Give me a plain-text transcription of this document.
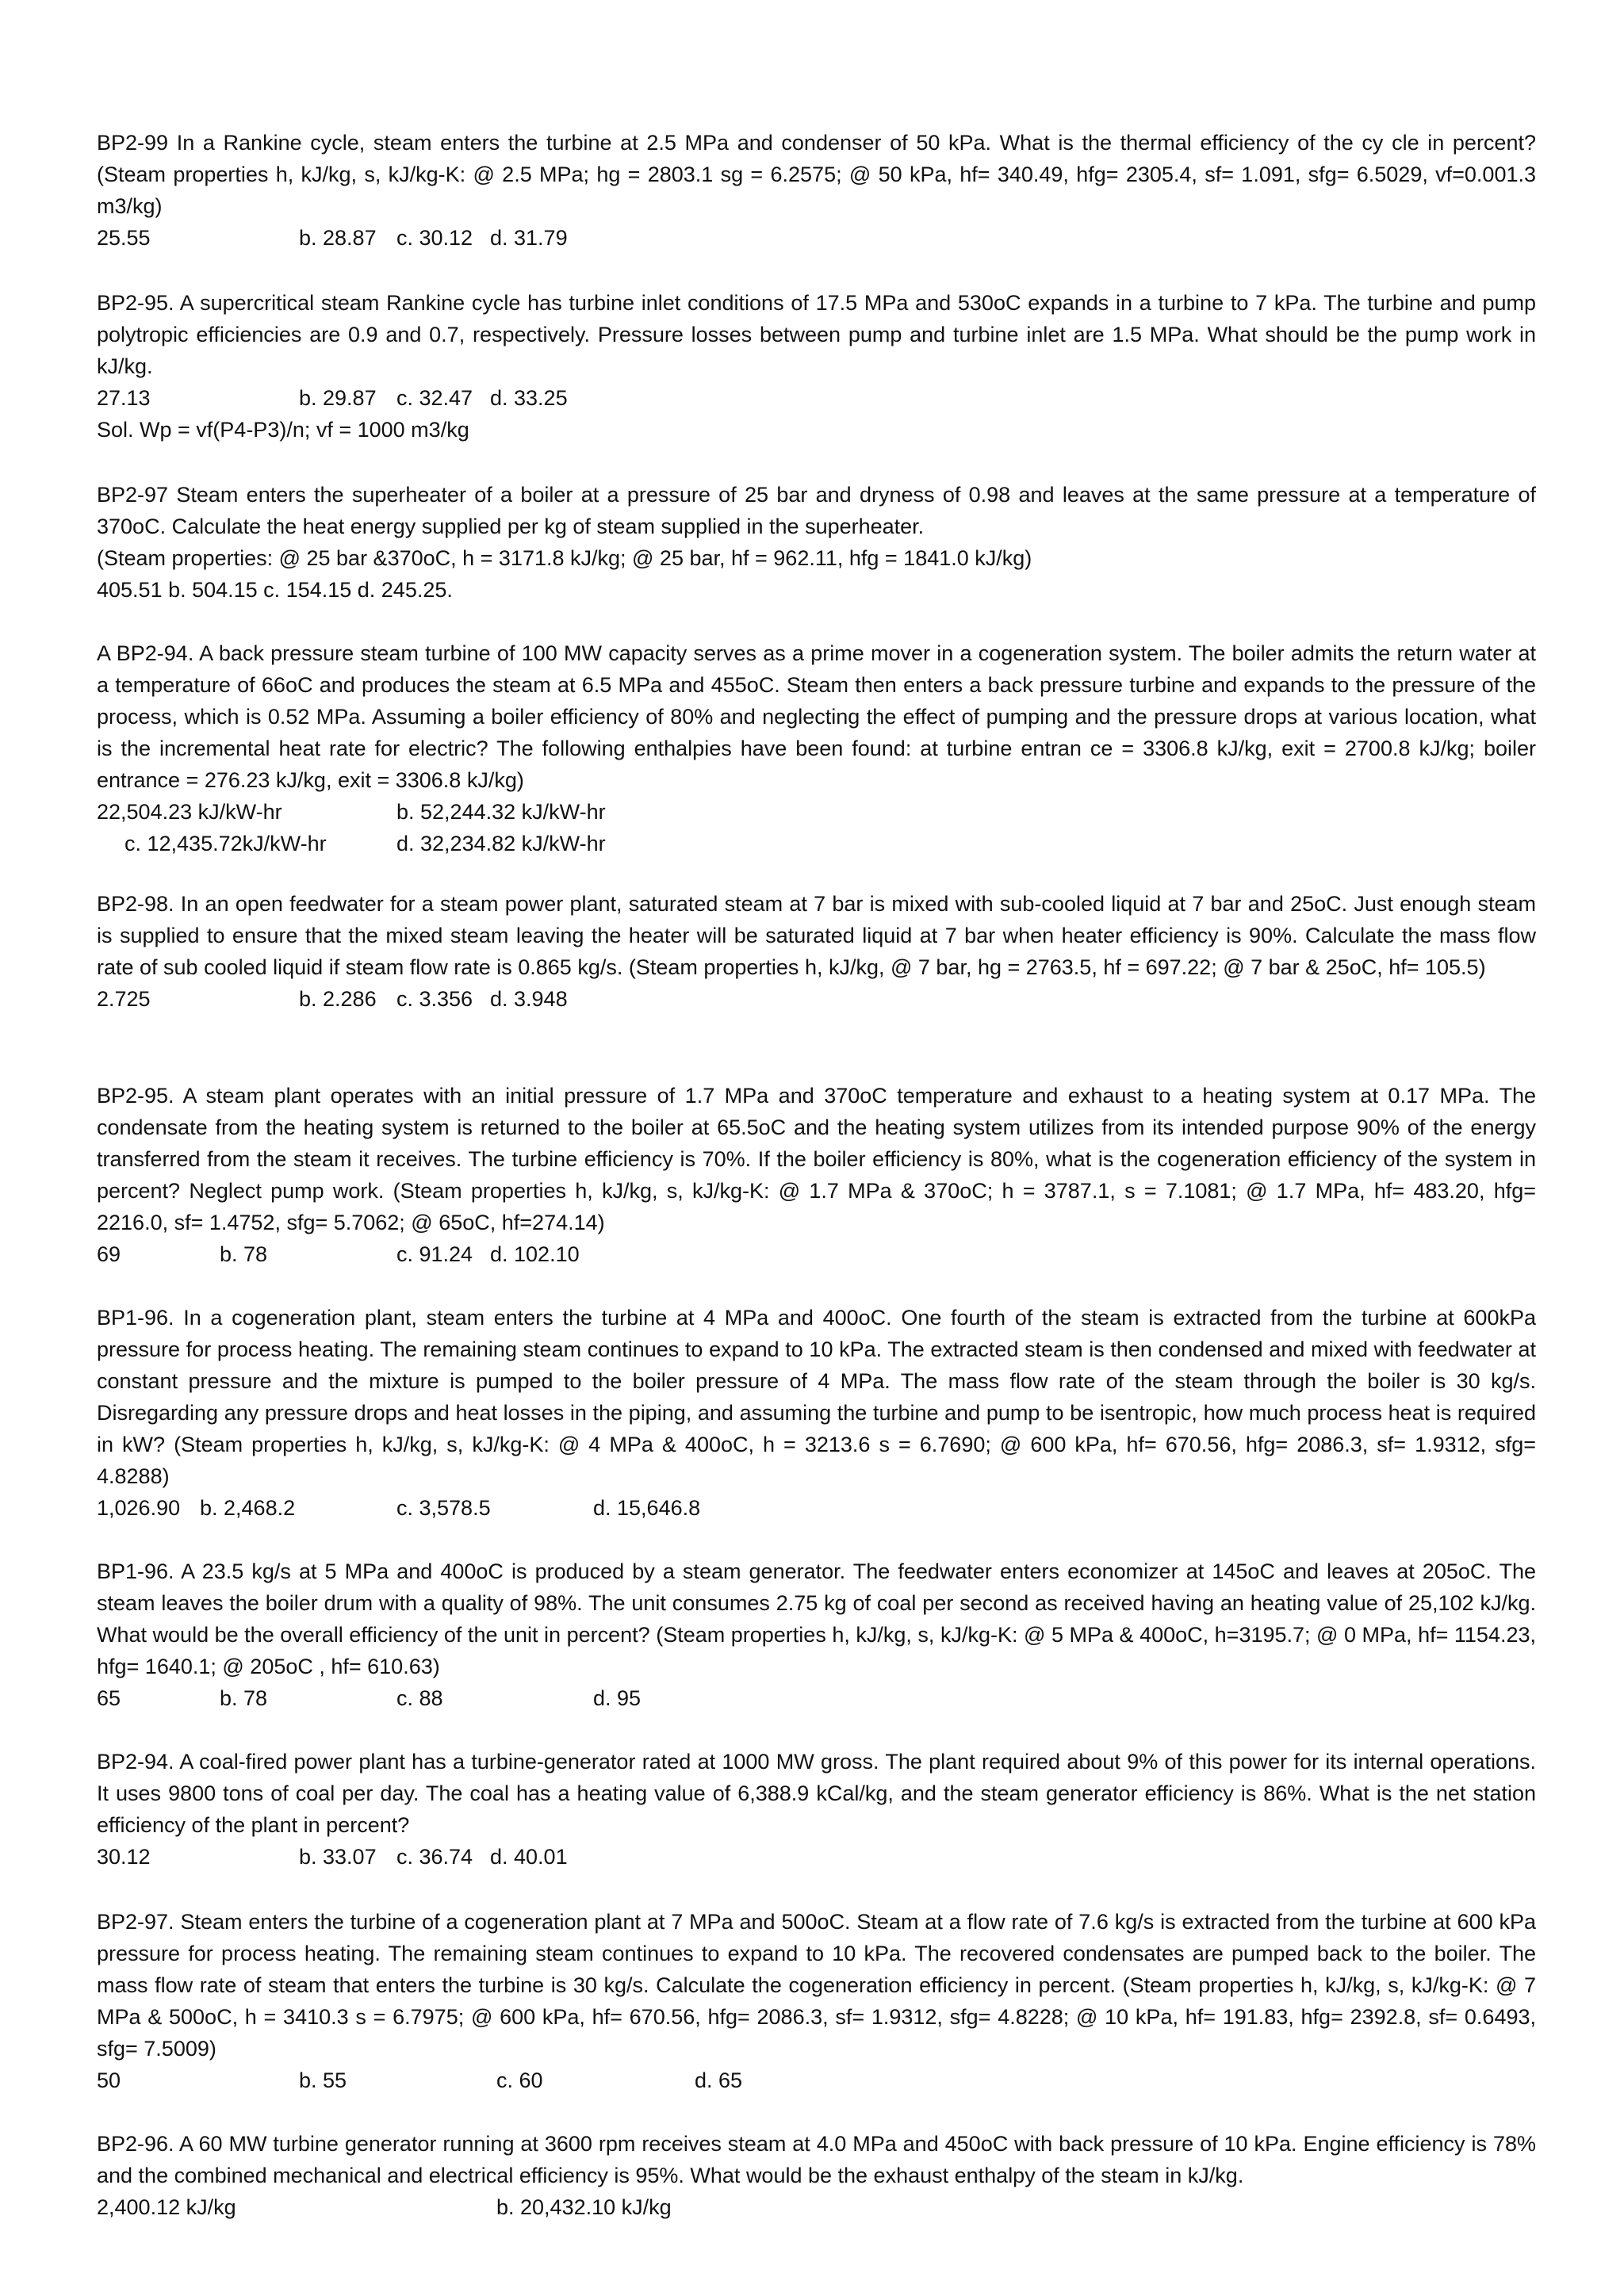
BP2-99 In a Rankine cycle, steam enters the turbine at 2.5 MPa and condenser of 50 kPa. What is the thermal efficiency of the cy cle in percent? (Steam properties h, kJ/kg, s, kJ/kg-K: @ 2.5 MPa; hg = 2803.1 sg = 6.2575; @ 50 kPa, hf= 340.49, hfg= 2305.4, sf= 1.091, sfg= 6.5029, vf=0.001.3 m3/kg)

25.55	b. 28.87 c. 30.12 d. 31.79

BP2-95. A supercritical steam Rankine cycle has turbine inlet conditions of 17.5 MPa and 530oC expands in a turbine to 7 kPa. The turbine and pump polytropic efficiencies are 0.9 and 0.7, respectively. Pressure losses between pump and turbine inlet are 1.5 MPa. What should be the pump work in kJ/kg.

27.13	b. 29.87 c. 32.47 d. 33.25

Sol. Wp = vf(P4-P3)/n; vf = 1000 m3/kg

BP2-97 Steam enters the superheater of a boiler at a pressure of 25 bar and dryness of 0.98 and leaves at the same pressure at a temperature of 370oC. Calculate the heat energy supplied per kg of steam supplied in the superheater.

(Steam properties: @ 25 bar &370oC, h = 3171.8 kJ/kg; @ 25 bar, hf = 962.11, hfg = 1841.0 kJ/kg)

405.51 b. 504.15 c. 154.15 d. 245.25.

A BP2-94. A back pressure steam turbine of 100 MW capacity serves as a prime mover in a cogeneration system. The boiler admits the return water at a temperature of 66oC and produces the steam at 6.5 MPa and 455oC. Steam then enters a back pressure turbine and expands to the pressure of the process, which is 0.52 MPa. Assuming a boiler efficiency of 80% and neglecting the effect of pumping and the pressure drops at various location, what is the incremental heat rate for electric? The following enthalpies have been found: at turbine entran ce = 3306.8 kJ/kg, exit = 2700.8 kJ/kg; boiler entrance = 276.23 kJ/kg, exit = 3306.8 kJ/kg)

22,504.23 kJ/kW-hr	b. 52,244.32 kJ/kW-hr
c. 12,435.72kJ/kW-hr	d. 32,234.82 kJ/kW-hr

BP2-98. In an open feedwater for a steam power plant, saturated steam at 7 bar is mixed with sub-cooled liquid at 7 bar and 25oC. Just enough steam is supplied to ensure that the mixed steam leaving the heater will be saturated liquid at 7 bar when heater efficiency is 90%. Calculate the mass flow rate of sub cooled liquid if steam flow rate is 0.865 kg/s. (Steam properties h, kJ/kg, @ 7 bar, hg = 2763.5, hf = 697.22; @ 7 bar & 25oC, hf= 105.5)

2.725	b. 2.286 c. 3.356 d. 3.948

BP2-95. A steam plant operates with an initial pressure of 1.7 MPa and 370oC temperature and exhaust to a heating system at 0.17 MPa. The condensate from the heating system is returned to the boiler at 65.5oC and the heating system utilizes from its intended purpose 90% of the energy transferred from the steam it receives. The turbine efficiency is 70%. If the boiler efficiency is 80%, what is the cogeneration efficiency of the system in percent? Neglect pump work. (Steam properties h, kJ/kg, s, kJ/kg-K: @ 1.7 MPa & 370oC; h = 3787.1, s = 7.1081; @ 1.7 MPa, hf= 483.20, hfg= 2216.0, sf= 1.4752, sfg= 5.7062; @ 65oC, hf=274.14)

69	b. 78	c. 91.24 d. 102.10

BP1-96. In a cogeneration plant, steam enters the turbine at 4 MPa and 400oC. One fourth of the steam is extracted from the turbine at 600kPa pressure for process heating. The remaining steam continues to expand to 10 kPa. The extracted steam is then condensed and mixed with feedwater at constant pressure and the mixture is pumped to the boiler pressure of 4 MPa. The mass flow rate of the steam through the boiler is 30 kg/s. Disregarding any pressure drops and heat losses in the piping, and assuming the turbine and pump to be isentropic, how much process heat is required in kW? (Steam properties h, kJ/kg, s, kJ/kg-K: @ 4 MPa & 400oC, h = 3213.6 s = 6.7690; @ 600 kPa, hf= 670.56, hfg= 2086.3, sf= 1.9312, sfg= 4.8288)

1,026.90 b. 2,468.2	c. 3,578.5	d. 15,646.8

BP1-96. A 23.5 kg/s at 5 MPa and 400oC is produced by a steam generator. The feedwater enters economizer at 145oC and leaves at 205oC. The steam leaves the boiler drum with a quality of 98%. The unit consumes 2.75 kg of coal per second as received having an heating value of 25,102 kJ/kg. What would be the overall efficiency of the unit in percent? (Steam properties h, kJ/kg, s, kJ/kg-K: @ 5 MPa & 400oC, h=3195.7; @ 0 MPa, hf= 1154.23, hfg= 1640.1; @ 205oC , hf= 610.63)

65	b. 78	c. 88	d. 95

BP2-94. A coal-fired power plant has a turbine-generator rated at 1000 MW gross. The plant required about 9% of this power for its internal operations. It uses 9800 tons of coal per day. The coal has a heating value of 6,388.9 kCal/kg, and the steam generator efficiency is 86%. What is the net station efficiency of the plant in percent?

30.12	b. 33.07 c. 36.74 d. 40.01

BP2-97. Steam enters the turbine of a cogeneration plant at 7 MPa and 500oC. Steam at a flow rate of 7.6 kg/s is extracted from the turbine at 600 kPa pressure for process heating. The remaining steam continues to expand to 10 kPa. The recovered condensates are pumped back to the boiler. The mass flow rate of steam that enters the turbine is 30 kg/s. Calculate the cogeneration efficiency in percent. (Steam properties h, kJ/kg, s, kJ/kg-K: @ 7 MPa & 500oC, h = 3410.3 s = 6.7975; @ 600 kPa, hf= 670.56, hfg= 2086.3, sf= 1.9312, sfg= 4.8228; @ 10 kPa, hf= 191.83, hfg= 2392.8, sf= 0.6493, sfg= 7.5009)

50	b. 55	c. 60	d. 65

BP2-96. A 60 MW turbine generator running at 3600 rpm receives steam at 4.0 MPa and 450oC with back pressure of 10 kPa. Engine efficiency is 78% and the combined mechanical and electrical efficiency is 95%. What would be the exhaust enthalpy of the steam in kJ/kg.

2,400.12 kJ/kg	b. 20,432.10 kJ/kg
